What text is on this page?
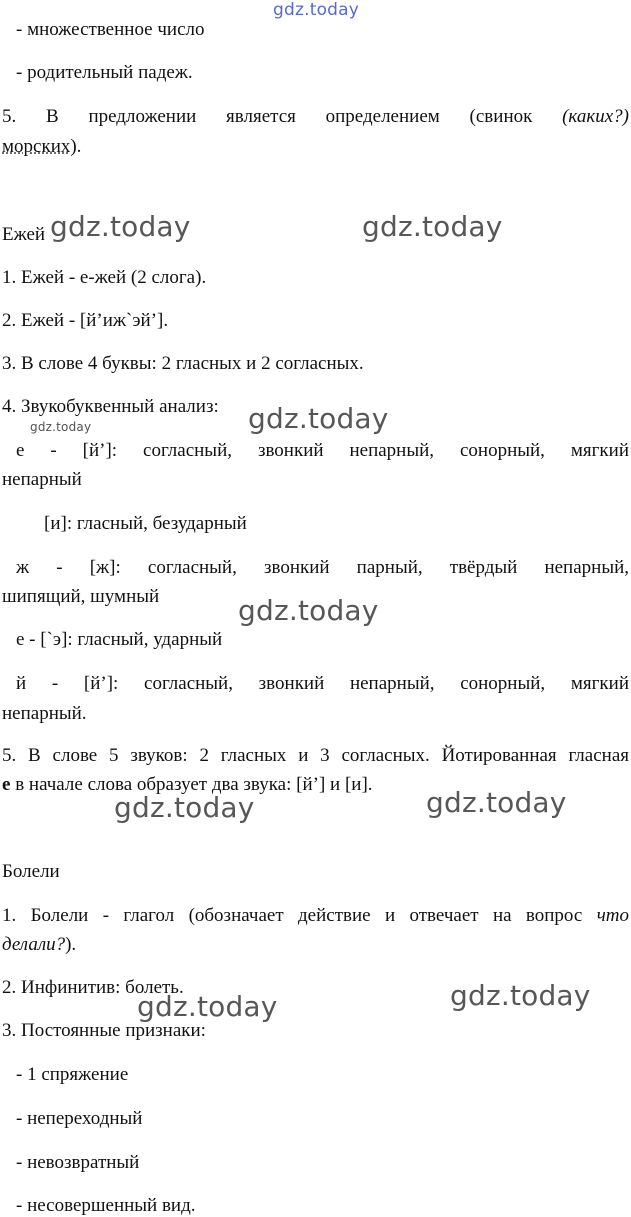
gdz.today
gdz.today	gdz.today
gdz.today
gdz.today
gdz.today
gdz.today	gdz.today
gdz.today	gdz.today
- множественное число
- родительный падеж.
5. В предложении является определением (свинок (каких?)
морских).
Ежей
1. Ежей - е-жей (2 слога).
2. Ежей - [й’иж`эй’].
3. В слове 4 буквы: 2 гласных и 2 согласных.
4. Звукобуквенный анализ:
е - [й’]: согласный, звонкий непарный, сонорный, мягкий
непарный
[и]: гласный, безударный
ж - [ж]: согласный, звонкий парный, твёрдый непарный,
шипящий, шумный
е - [`э]: гласный, ударный
й - [й’]: согласный, звонкий непарный, сонорный, мягкий
непарный.
5. В слове 5 звуков: 2 гласных и 3 согласных. Йотированная гласная
е в начале слова образует два звука: [й’] и [и].
Болели
1. Болели - глагол (обозначает действие и отвечает на вопрос что
делали?).
2. Инфинитив: болеть.
3. Постоянные признаки:
- 1 спряжение
- непереходный
- невозвратный
- несовершенный вид.
